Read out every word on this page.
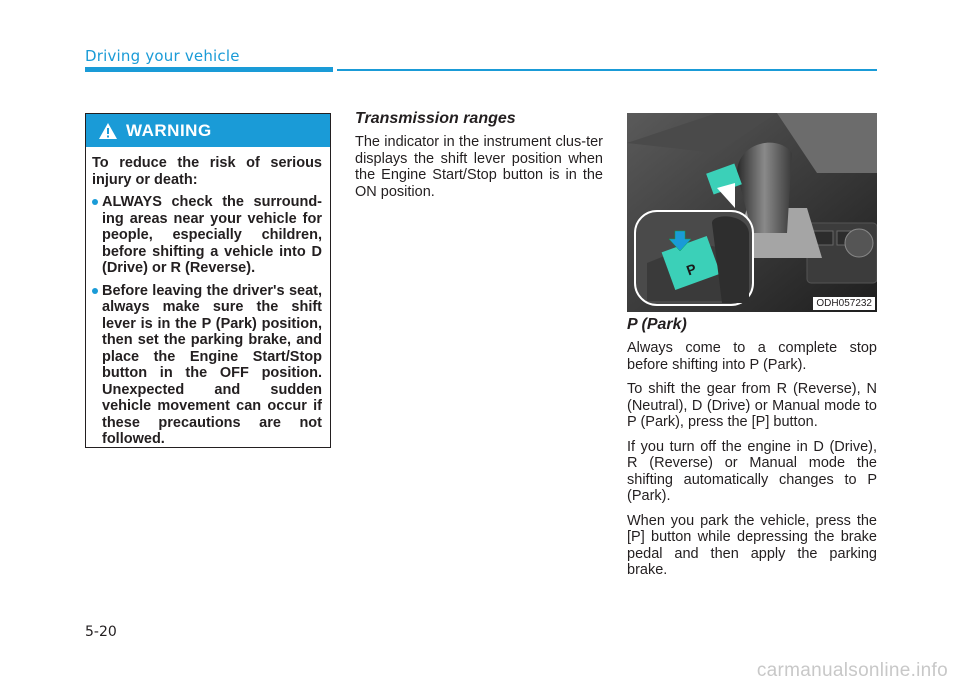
Driving your vehicle
WARNING

To reduce the risk of serious injury or death:

ALWAYS check the surround-ing areas near your vehicle for people, especially children, before shifting a vehicle into D (Drive) or R (Reverse).
Before leaving the driver's seat, always make sure the shift lever is in the P (Park) position, then set the parking brake, and place the Engine Start/Stop button in the OFF position. Unexpected and sudden vehicle movement can occur if these precautions are not followed.
Transmission ranges

The indicator in the instrument clus-ter displays the shift lever position when the Engine Start/Stop button is in the ON position.

P
ODH057232
P (Park)

Always come to a complete stop before shifting into P (Park).

To shift the gear from R (Reverse), N (Neutral), D (Drive) or Manual mode to P (Park), press the [P] button.

If you turn off the engine in D (Drive), R (Reverse) or Manual mode the shifting automatically changes to P (Park).

When you park the vehicle, press the [P] button while depressing the brake pedal and then apply the parking brake.

5-20
carmanualsonline.info
